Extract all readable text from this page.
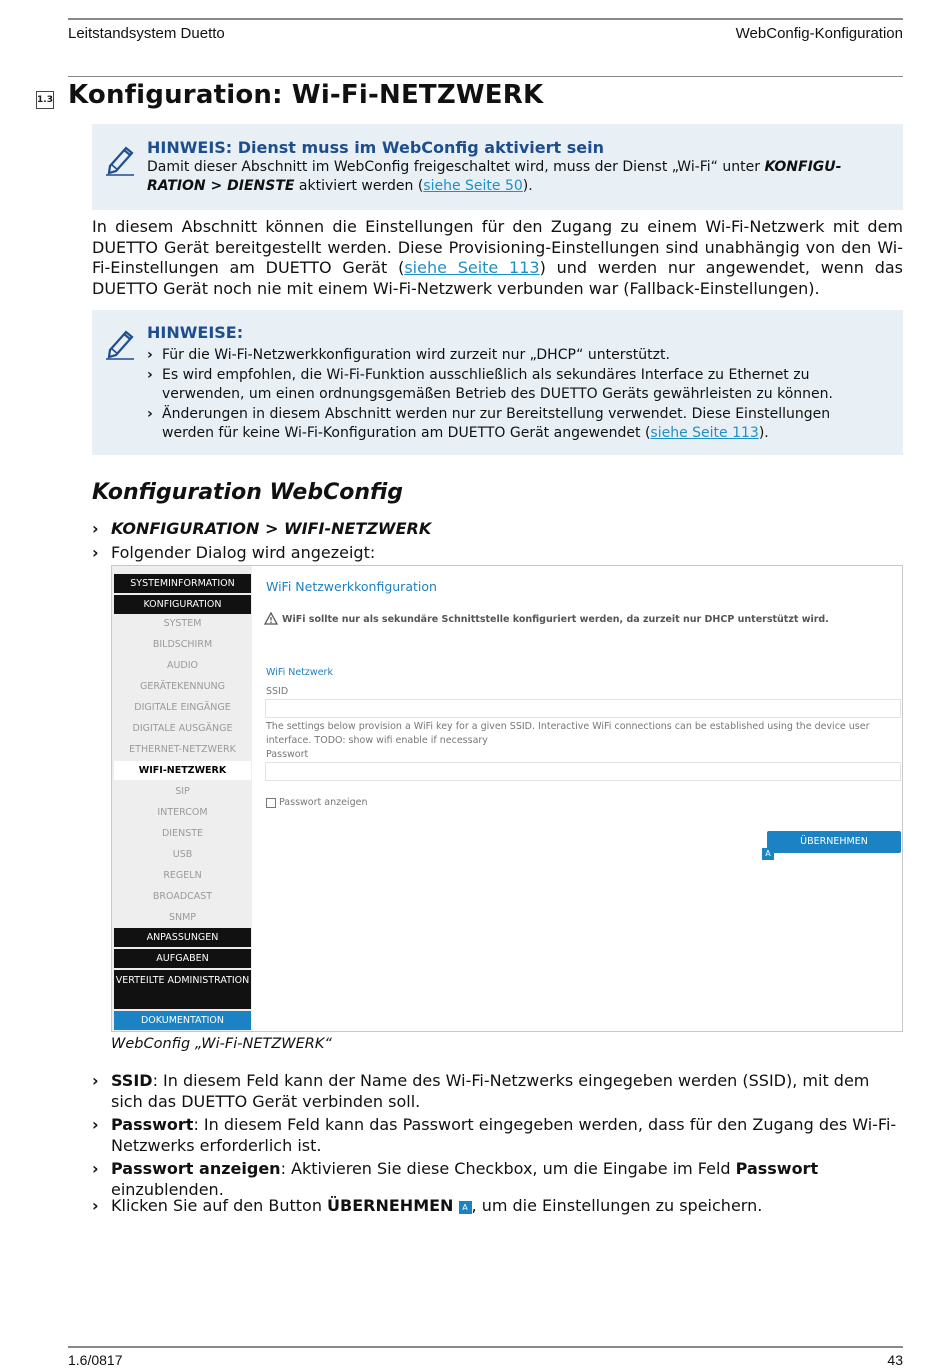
Leitstandsystem Duetto	WebConfig-Konfiguration
1.3 Konfiguration: Wi-Fi-NETZWERK
HINWEIS: Dienst muss im WebConfig aktiviert sein
Damit dieser Abschnitt im WebConfig freigeschaltet wird, muss der Dienst „Wi-Fi“ unter KONFIGU-RATION > DIENSTE aktiviert werden (siehe Seite 50).
In diesem Abschnitt können die Einstellungen für den Zugang zu einem Wi-Fi-Netzwerk mit dem DUETTO Gerät bereitgestellt werden. Diese Provisioning-Einstellungen sind unabhängig von den Wi-Fi-Einstellungen am DUETTO Gerät (siehe Seite 113) und werden nur angewendet, wenn das DUETTO Gerät noch nie mit einem Wi-Fi-Netzwerk verbunden war (Fallback-Einstellungen).
HINWEISE:
› Für die Wi-Fi-Netzwerkkonfiguration wird zurzeit nur „DHCP“ unterstützt.
› Es wird empfohlen, die Wi-Fi-Funktion ausschließlich als sekundäres Interface zu Ethernet zu verwenden, um einen ordnungsgemäßen Betrieb des DUETTO Geräts gewährleisten zu können.
› Änderungen in diesem Abschnitt werden nur zur Bereitstellung verwendet. Diese Einstellungen werden für keine Wi-Fi-Konfiguration am DUETTO Gerät angewendet (siehe Seite 113).
Konfiguration WebConfig
› KONFIGURATION > WIFI-NETZWERK
› Folgender Dialog wird angezeigt:
SYSTEMINFORMATION
KONFIGURATION
SYSTEM
BILDSCHIRM
AUDIO
GERÄTEKENNUNG
DIGITALE EINGÄNGE
DIGITALE AUSGÄNGE
ETHERNET-NETZWERK
WIFI-NETZWERK
SIP
INTERCOM
DIENSTE
USB
REGELN
BROADCAST
SNMP
ANPASSUNGEN
AUFGABEN
VERTEILTE ADMINISTRATION
DOKUMENTATION
WiFi Netzwerkkonfiguration
WiFi sollte nur als sekundäre Schnittstelle konfiguriert werden, da zurzeit nur DHCP unterstützt wird.
WiFi Netzwerk
SSID
The settings below provision a WiFi key for a given SSID. Interactive WiFi connections can be established using the device user interface. TODO: show wifi enable if necessary
Passwort
Passwort anzeigen
ÜBERNEHMEN
A
WebConfig „Wi-Fi-NETZWERK“
› SSID: In diesem Feld kann der Name des Wi-Fi-Netzwerks eingegeben werden (SSID), mit dem sich das DUETTO Gerät verbinden soll.
› Passwort: In diesem Feld kann das Passwort eingegeben werden, dass für den Zugang des Wi-Fi-Netzwerks erforderlich ist.
› Passwort anzeigen: Aktivieren Sie diese Checkbox, um die Eingabe im Feld Passwort einzublenden.
› Klicken Sie auf den Button ÜBERNEHMEN A , um die Einstellungen zu speichern.
1.6/0817	43
